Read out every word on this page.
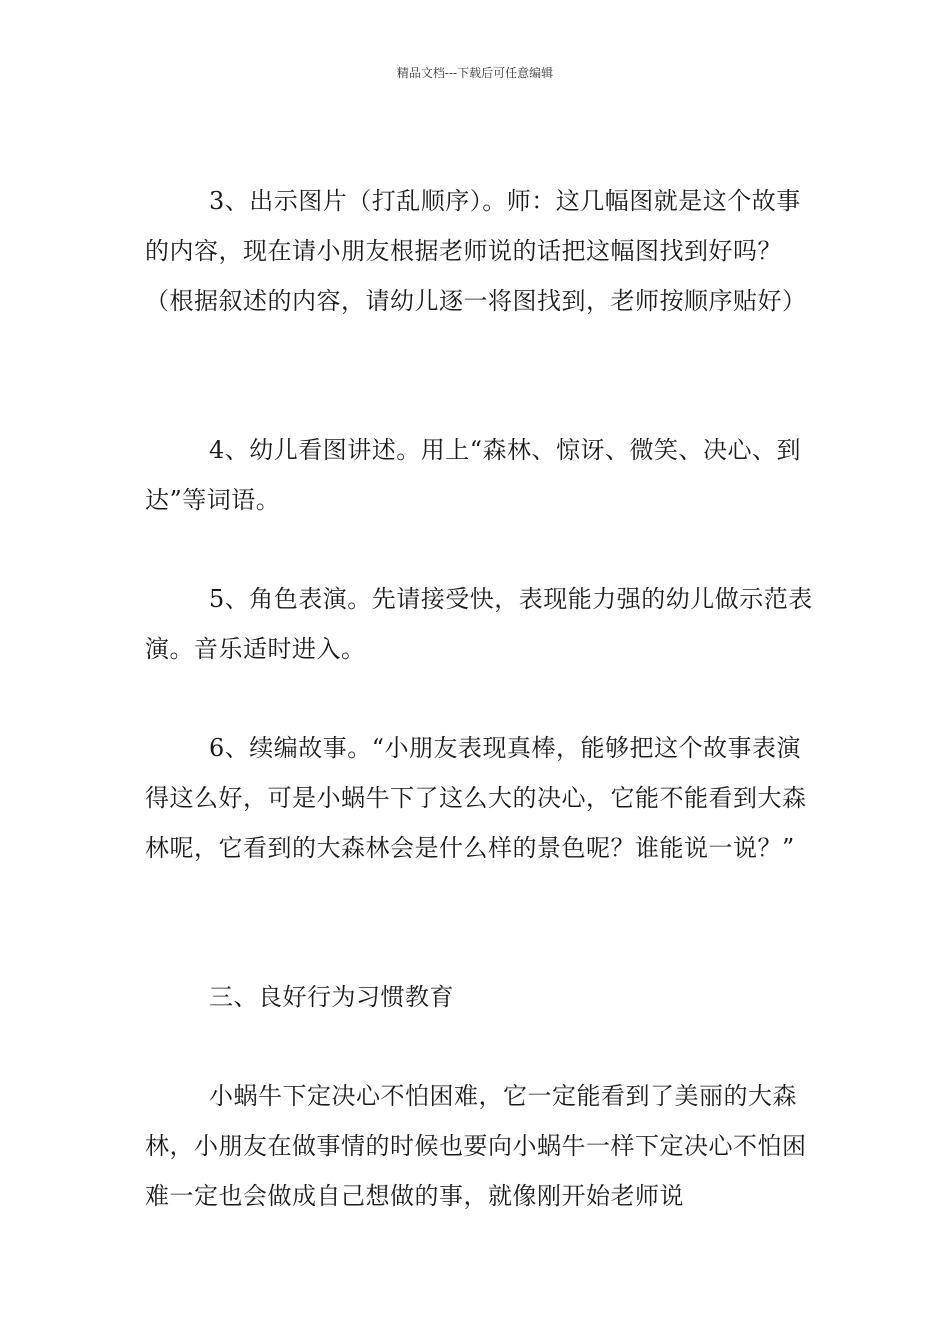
精品文档---下载后可任意编辑

3、出示图片（打乱顺序）。师：这几幅图就是这个故事的内容，现在请小朋友根据老师说的话把这幅图找到好吗？（根据叙述的内容，请幼儿逐一将图找到，老师按顺序贴好）

4、幼儿看图讲述。用上“森林、惊讶、微笑、决心、到达”等词语。

5、角色表演。先请接受快，表现能力强的幼儿做示范表演。音乐适时进入。

6、续编故事。“小朋友表现真棒，能够把这个故事表演得这么好，可是小蜗牛下了这么大的决心，它能不能看到大森林呢，它看到的大森林会是什么样的景色呢？谁能说一说？”

三、良好行为习惯教育

小蜗牛下定决心不怕困难，它一定能看到了美丽的大森林，小朋友在做事情的时候也要向小蜗牛一样下定决心不怕困难一定也会做成自己想做的事，就像刚开始老师说
